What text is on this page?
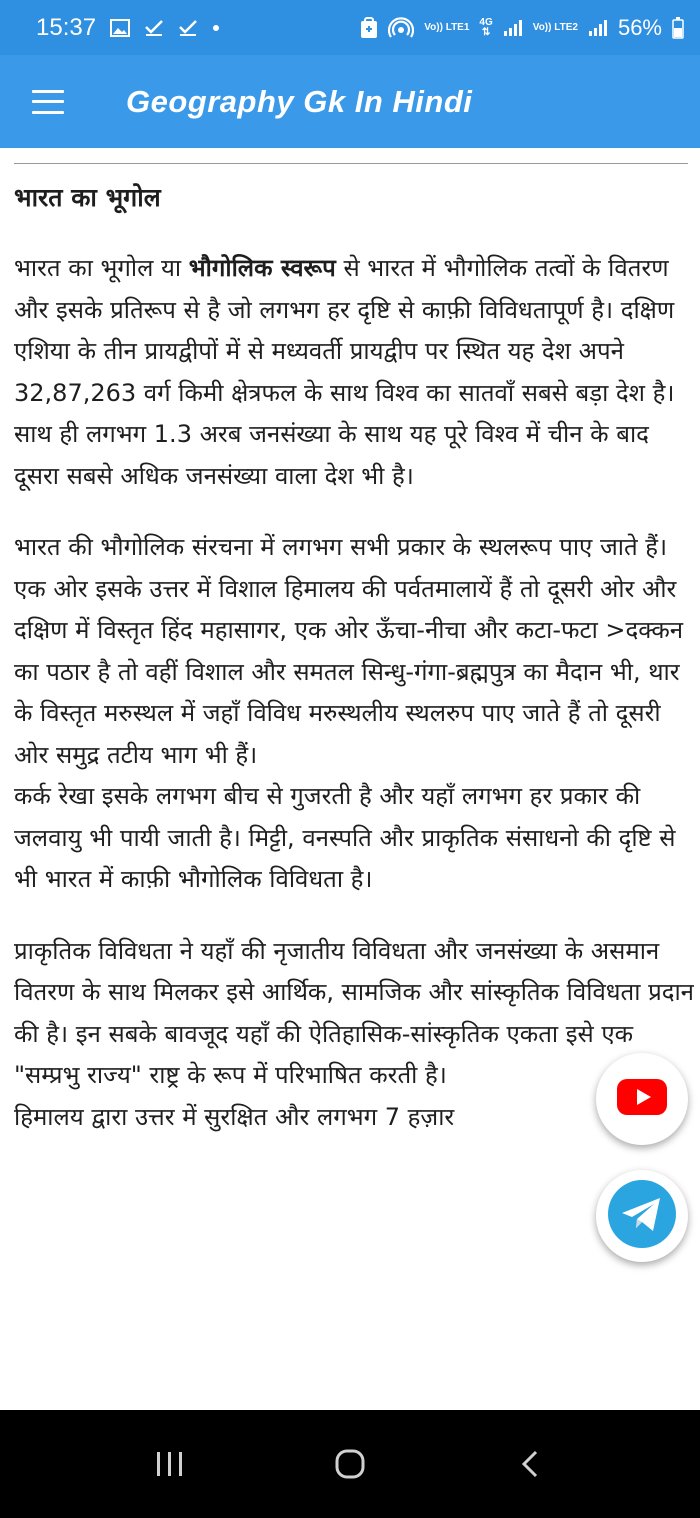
15:37	Vo)) LTE1 4G
⇅	Vo)) LTE2 56%
Geography Gk In Hindi
भारत का भूगोल

भारत का भूगोल या भौगोलिक स्वरूप से भारत में भौगोलिक तत्वों के वितरण और इसके प्रतिरूप से है जो लगभग हर दृष्टि से काफ़ी विविधतापूर्ण है। दक्षिण एशिया के तीन प्रायद्वीपों में से मध्यवर्ती प्रायद्वीप पर स्थित यह देश अपने 32,87,263 वर्ग किमी क्षेत्रफल के साथ विश्व का सातवाँ सबसे बड़ा देश है। साथ ही लगभग 1.3 अरब जनसंख्या के साथ यह पूरे विश्व में चीन के बाद दूसरा सबसे अधिक जनसंख्या वाला देश भी है।

भारत की भौगोलिक संरचना में लगभग सभी प्रकार के स्थलरूप पाए जाते हैं। एक ओर इसके उत्तर में विशाल हिमालय की पर्वतमालायें हैं तो दूसरी ओर और दक्षिण में विस्तृत हिंद महासागर, एक ओर ऊँचा-नीचा और कटा-फटा >दक्कन का पठार है तो वहीं विशाल और समतल सिन्धु-गंगा-ब्रह्मपुत्र का मैदान भी, थार के विस्तृत मरुस्थल में जहाँ विविध मरुस्थलीय स्थलरुप पाए जाते हैं तो दूसरी ओर समुद्र तटीय भाग भी हैं।

कर्क रेखा इसके लगभग बीच से गुजरती है और यहाँ लगभग हर प्रकार की जलवायु भी पायी जाती है। मिट्टी, वनस्पति और प्राकृतिक संसाधनो की दृष्टि से भी भारत में काफ़ी भौगोलिक विविधता है।

प्राकृतिक विविधता ने यहाँ की नृजातीय विविधता और जनसंख्या के असमान वितरण के साथ मिलकर इसे आर्थिक, सामजिक और सांस्कृतिक विविधता प्रदान की है। इन सबके बावजूद यहाँ की ऐतिहासिक-सांस्कृतिक एकता इसे एक "सम्प्रभु राज्य" राष्ट्र के रूप में परिभाषित करती है।

हिमालय द्वारा उत्तर में सुरक्षित और लगभग 7 हज़ार
